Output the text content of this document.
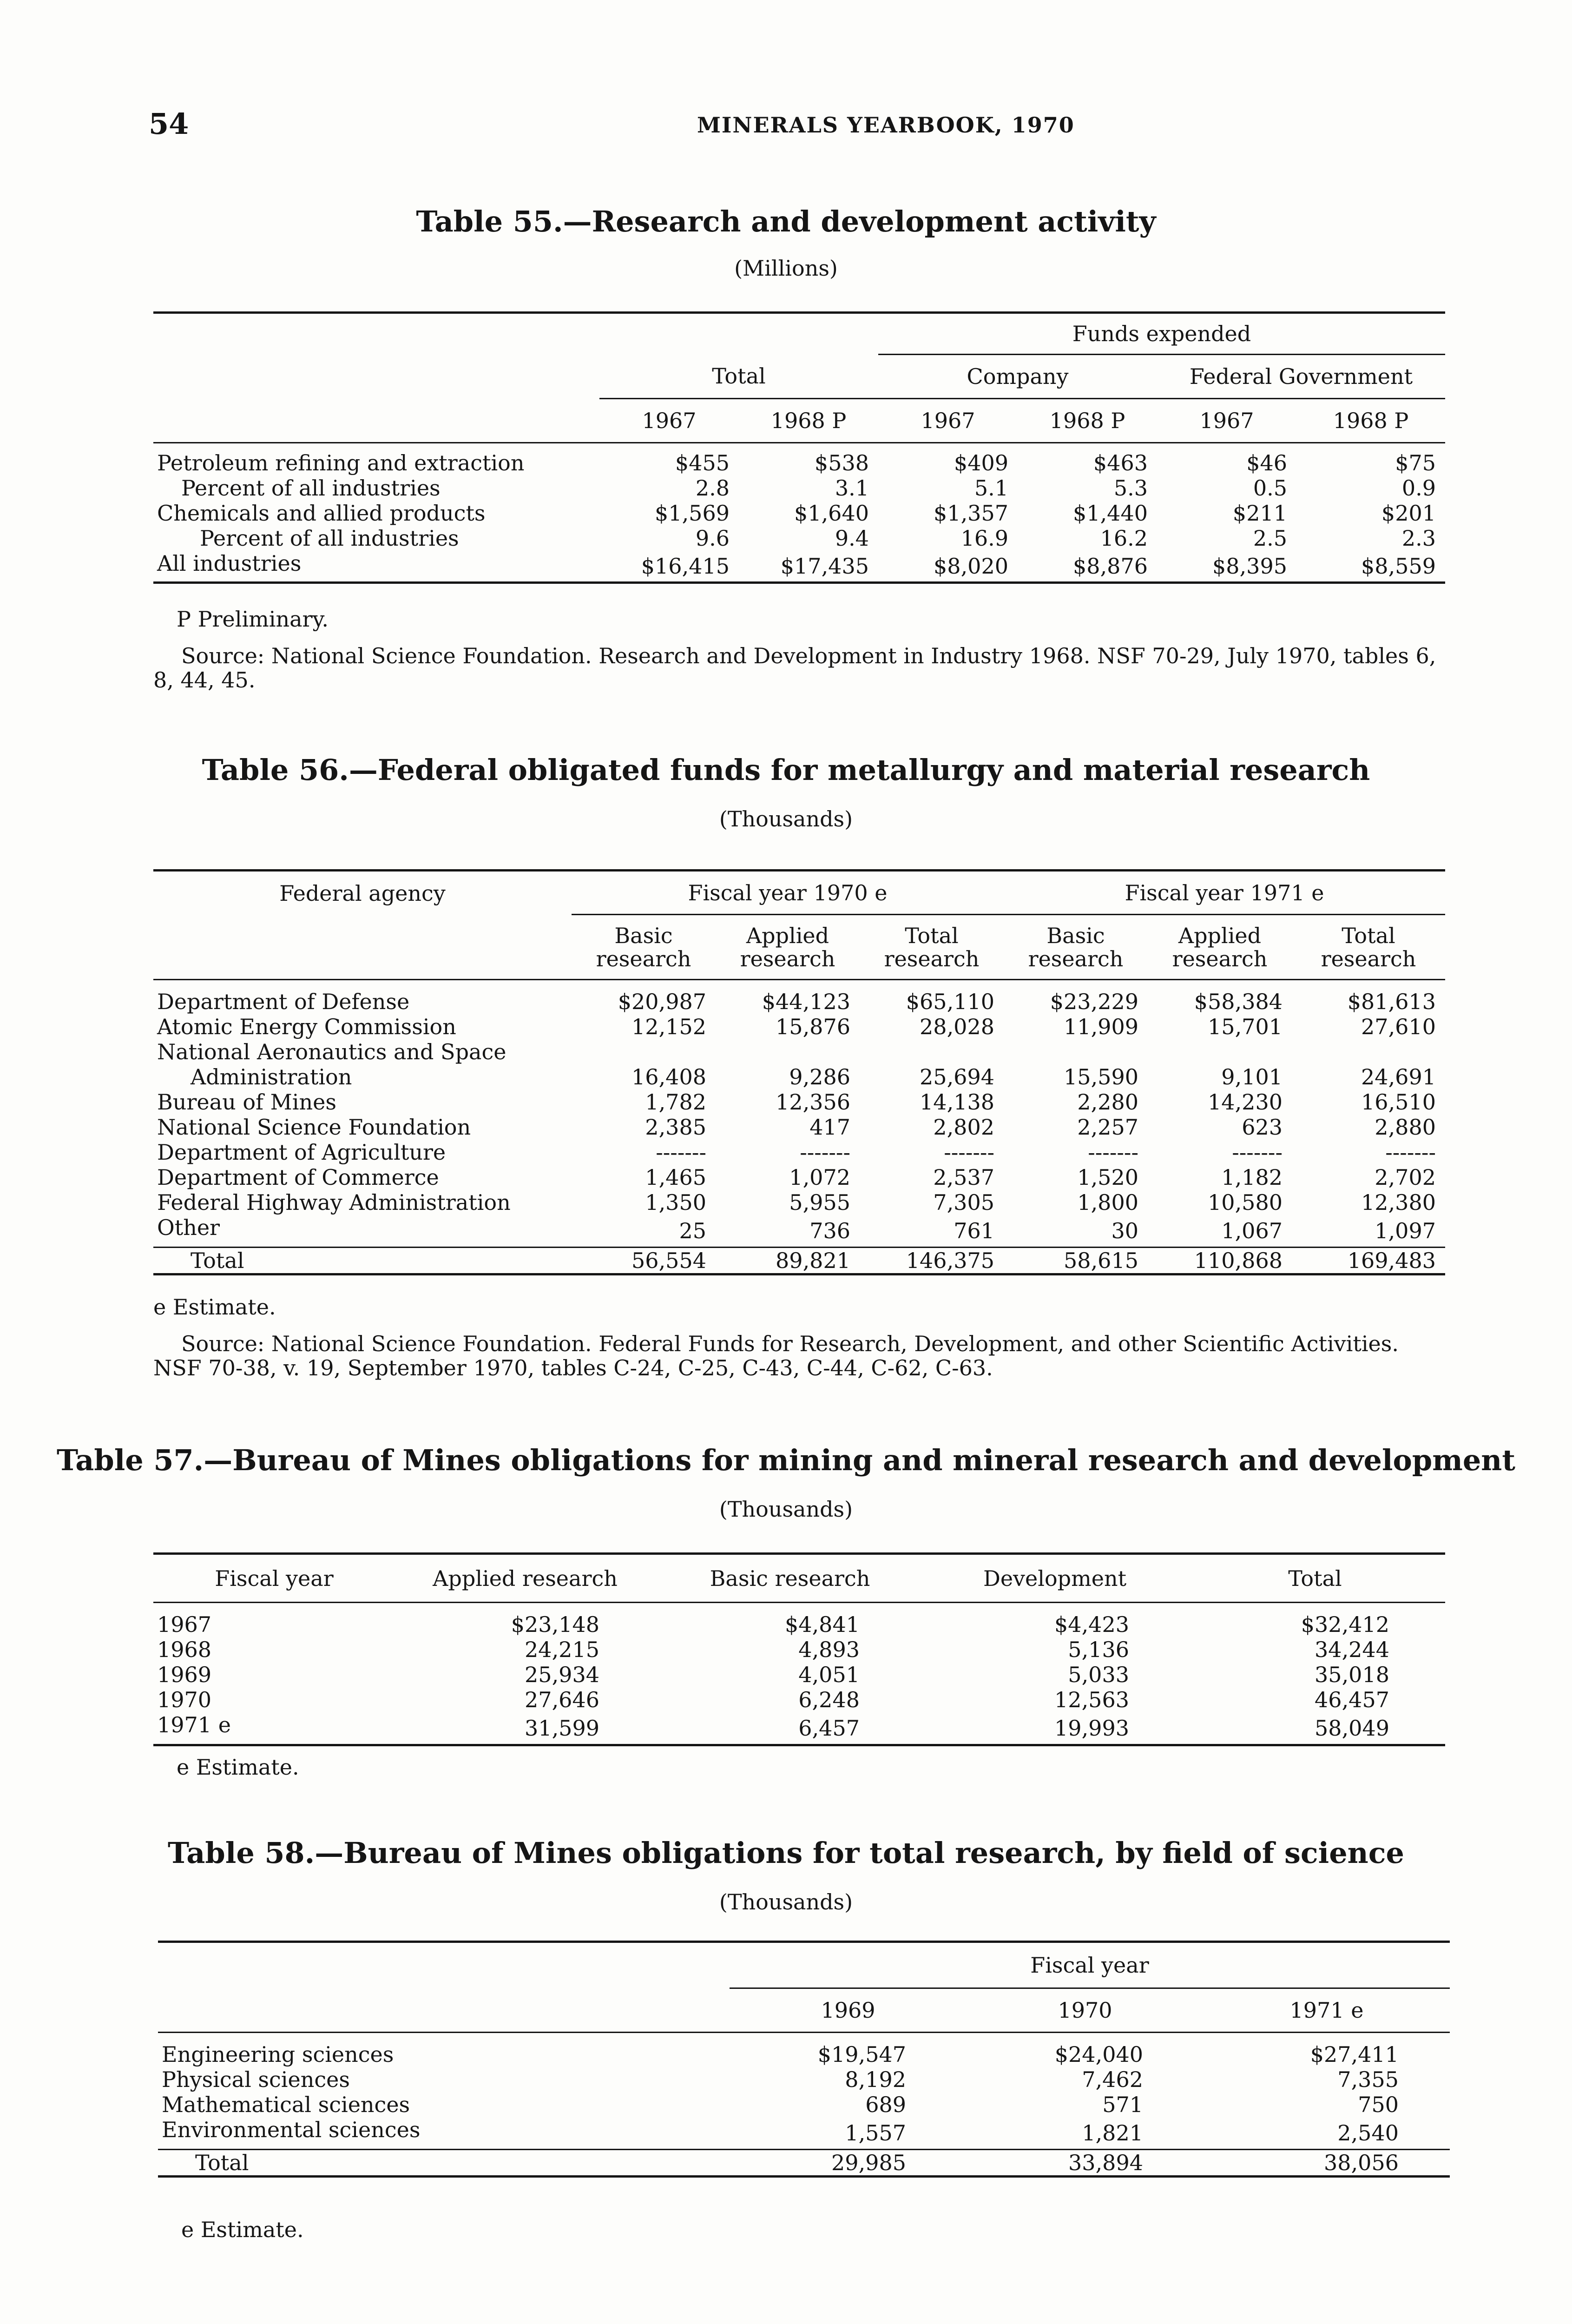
54	MINERALS YEARBOOK, 1970
Table 55.—Research and development activity
(Millions)
			Funds expended			
	Total		Company		Federal Government	
	1967	1968 P	1967	1968 P	1967	1968 P

Petroleum refining and extraction	$455	$538	$409	$463	$46	$75
Percent of all industries	2.8	3.1	5.1	5.3	0.5	0.9
Chemicals and allied products	$1,569	$1,640	$1,357	$1,440	$211	$201
Percent of all industries	9.6	9.4	16.9	16.2	2.5	2.3
All industries	$16,415	$17,435	$8,020	$8,876	$8,395	$8,559
P Preliminary.
Source: National Science Foundation. Research and Development in Industry 1968. NSF 70-29, July 1970, tables 6, 8, 44, 45.
Table 56.—Federal obligated funds for metallurgy and material research
(Thousands)
Federal agency	Fiscal year 1970 e			Fiscal year 1971 e		
	Basic research	Applied research	Total research	Basic research	Applied research	Total research

Department of Defense	$20,987	$44,123	$65,110	$23,229	$58,384	$81,613
Atomic Energy Commission	12,152	15,876	28,028	11,909	15,701	27,610
National Aeronautics and Space						
Administration	16,408	9,286	25,694	15,590	9,101	24,691
Bureau of Mines	1,782	12,356	14,138	2,280	14,230	16,510
National Science Foundation	2,385	417	2,802	2,257	623	2,880
Department of Agriculture	-------	-------	-------	-------	-------	-------
Department of Commerce	1,465	1,072	2,537	1,520	1,182	2,702
Federal Highway Administration	1,350	5,955	7,305	1,800	10,580	12,380
Other	25	736	761	30	1,067	1,097
Total	56,554	89,821	146,375	58,615	110,868	169,483
e Estimate.
Source: National Science Foundation. Federal Funds for Research, Development, and other Scientific Activities. NSF 70-38, v. 19, September 1970, tables C-24, C-25, C-43, C-44, C-62, C-63.
Table 57.—Bureau of Mines obligations for mining and mineral research and development
(Thousands)
Fiscal year	Applied research	Basic research	Development	Total

1967	$23,148	$4,841	$4,423	$32,412
1968	24,215	4,893	5,136	34,244
1969	25,934	4,051	5,033	35,018
1970	27,646	6,248	12,563	46,457
1971 e	31,599	6,457	19,993	58,049
e Estimate.
Table 58.—Bureau of Mines obligations for total research, by field of science
(Thousands)
	Fiscal year		
	1969	1970	1971 e

Engineering sciences	$19,547	$24,040	$27,411
Physical sciences	8,192	7,462	7,355
Mathematical sciences	689	571	750
Environmental sciences	1,557	1,821	2,540
Total	29,985	33,894	38,056
e Estimate.
